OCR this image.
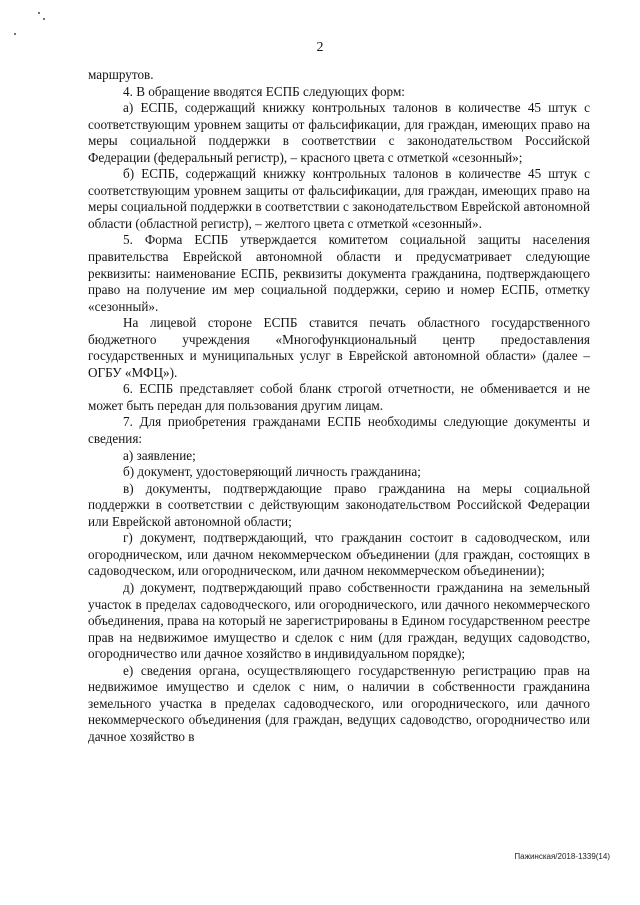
2

маршрутов.

4. В обращение вводятся ЕСПБ следующих форм:

а) ЕСПБ, содержащий книжку контрольных талонов в количестве 45 штук с соответствующим уровнем защиты от фальсификации, для граждан, имеющих право на меры социальной поддержки в соответствии с законодательством Российской Федерации (федеральный регистр), – красного цвета с отметкой «сезонный»;

б) ЕСПБ, содержащий книжку контрольных талонов в количестве 45 штук с соответствующим уровнем защиты от фальсификации, для граждан, имеющих право на меры социальной поддержки в соответствии с законодательством Еврейской автономной области (областной регистр), – желтого цвета с отметкой «сезонный».

5. Форма ЕСПБ утверждается комитетом социальной защиты населения правительства Еврейской автономной области и предусматривает следующие реквизиты: наименование ЕСПБ, реквизиты документа гражданина, подтверждающего право на получение им мер социальной поддержки, серию и номер ЕСПБ, отметку «сезонный».

На лицевой стороне ЕСПБ ставится печать областного государственного бюджетного учреждения «Многофункциональный центр предоставления государственных и муниципальных услуг в Еврейской автономной области» (далее – ОГБУ «МФЦ»).

6. ЕСПБ представляет собой бланк строгой отчетности, не обменивается и не может быть передан для пользования другим лицам.

7. Для приобретения гражданами ЕСПБ необходимы следующие документы и сведения:

а) заявление;

б) документ, удостоверяющий личность гражданина;

в) документы, подтверждающие право гражданина на меры социальной поддержки в соответствии с действующим законодательством Российской Федерации или Еврейской автономной области;

г) документ, подтверждающий, что гражданин состоит в садоводческом, или огородническом, или дачном некоммерческом объединении (для граждан, состоящих в садоводческом, или огородническом, или дачном некоммерческом объединении);

д) документ, подтверждающий право собственности гражданина на земельный участок в пределах садоводческого, или огороднического, или дачного некоммерческого объединения, права на который не зарегистрированы в Едином государственном реестре прав на недвижимое имущество и сделок с ним (для граждан, ведущих садоводство, огородничество или дачное хозяйство в индивидуальном порядке);

е) сведения органа, осуществляющего государственную регистрацию прав на недвижимое имущество и сделок с ним, о наличии в собственности гражданина земельного участка в пределах садоводческого, или огороднического, или дачного некоммерческого объединения (для граждан, ведущих садоводство, огородничество или дачное хозяйство в

Пажинская/2018-1339(14)
